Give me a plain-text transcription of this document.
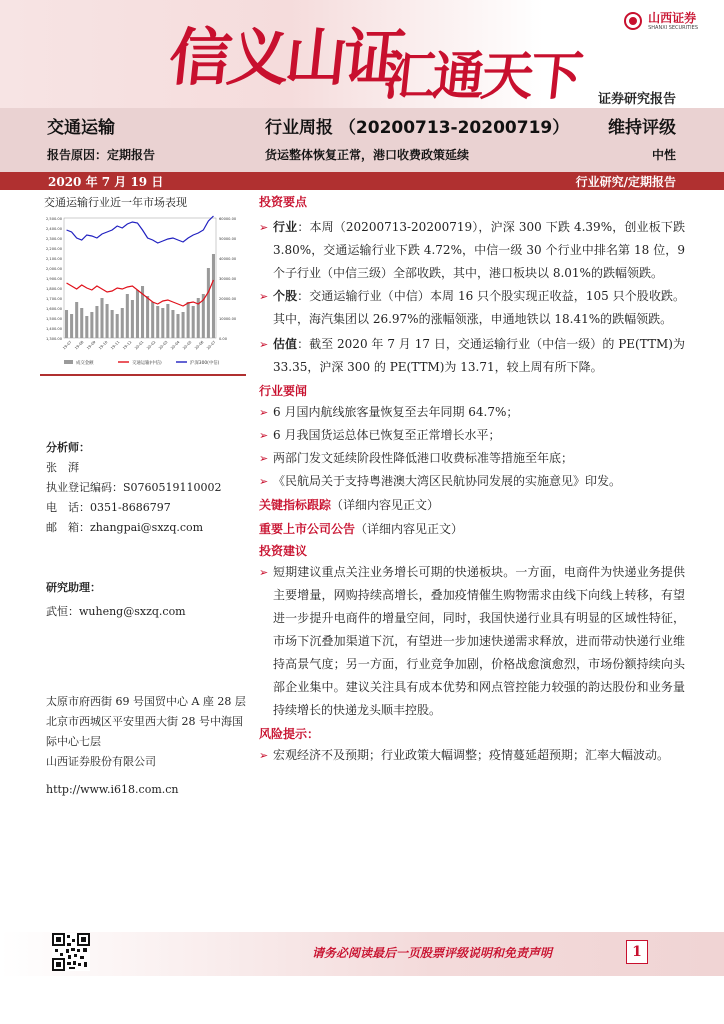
信义山证
汇通天下
山西证券
SHANXI SECURITIES
证券研究报告
交通运输	行业周报 （20200713-20200719） 维持评级
报告原因：定期报告	货运整体恢复正常，港口收费政策延续	中性
2020 年 7 月 19 日	行业研究/定期报告
交通运输行业近一年市场表现
2,500.00
2,400.00
2,300.00
2,200.00
2,100.00
2,000.00
1,900.00
1,800.00
1,700.00
1,600.00
1,500.00
1,400.00
1,300.00
60000.00
50000.00
40000.00
30000.00
20000.00
10000.00
0.00
19-07 19-08 19-09 19-10 19-11 19-12 20-01 20-02 20-03 20-04 20-05 20-06 20-07
成交金额	交通运输(中信)	沪深300(中信)
分析师：
张　湃
执业登记编码：S0760519110002
电　话：0351-8686797
邮　箱：zhangpai@sxzq.com
研究助理：
武恒：wuheng@sxzq.com
太原市府西街 69 号国贸中心 A 座 28 层
北京市西城区平安里西大街 28 号中海国际中心七层
山西证券股份有限公司
http://www.i618.com.cn
投资要点
➢ 行业：本周（20200713-20200719），沪深 300 下跌 4.39%，创业板下跌 3.80%，交通运输行业下跌 4.72%，中信一级 30 个行业中排名第 18 位，9 个子行业（中信三级）全部收跌，其中，港口板块以 8.01%的跌幅领跌。
➢ 个股：交通运输行业（中信）本周 16 只个股实现正收益，105 只个股收跌。其中，海汽集团以 26.97%的涨幅领涨，申通地铁以 18.41%的跌幅领跌。
➢ 估值：截至 2020 年 7 月 17 日，交通运输行业（中信一级）的 PE(TTM)为 33.35，沪深 300 的 PE(TTM)为 13.71，较上周有所下降。
行业要闻
➢ 6 月国内航线旅客量恢复至去年同期 64.7%；
➢ 6 月我国货运总体已恢复至正常增长水平；
➢ 两部门发文延续阶段性降低港口收费标准等措施至年底；
➢ 《民航局关于支持粤港澳大湾区民航协同发展的实施意见》印发。
关键指标跟踪（详细内容见正文）
重要上市公司公告（详细内容见正文）
投资建议
➢ 短期建议重点关注业务增长可期的快递板块。一方面，电商件为快递业务提供主要增量，网购持续高增长，叠加疫情催生购物需求由线下向线上转移，有望进一步提升电商件的增量空间，同时，我国快递行业具有明显的区域性特征，市场下沉叠加渠道下沉，有望进一步加速快递需求释放，进而带动快递行业维持高景气度；另一方面，行业竞争加剧，价格战愈演愈烈，市场份额持续向头部企业集中。建议关注具有成本优势和网点管控能力较强的韵达股份和业务量持续增长的快递龙头顺丰控股。
风险提示：
➢ 宏观经济不及预期；行业政策大幅调整；疫情蔓延超预期；汇率大幅波动。
请务必阅读最后一页股票评级说明和免责声明	1
